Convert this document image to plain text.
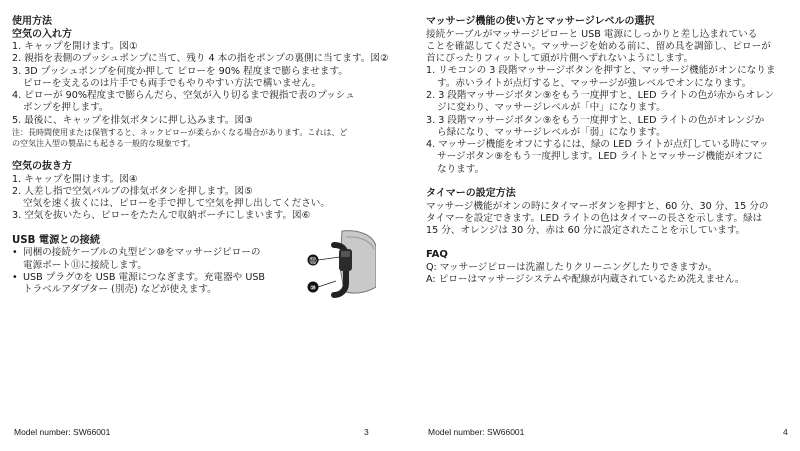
使用方法
空気の入れ方
1. キャップを開けます。図①
2. 親指を表側のプッシュポンプに当て、残り 4 本の指をポンプの裏側に当てます。図②
3. 3D プッシュポンプを何度か押して ピローを 90% 程度まで膨らませます。
ピローを支えるのは片手でも両手でもやりやすい方法で構いません。
4. ピローが 90%程度まで膨らんだら、空気が入り切るまで親指で表のプッシュ
ポンプを押します。
5. 最後に、キャップを排気ボタンに押し込みます。図③
注：長時間使用または保管すると、ネックピローが柔らかくなる場合があります。これは、ど
の空気注入型の製品にも起きる一般的な現象です。
空気の抜き方
1. キャップを開けます。図④
2. 人差し指で空気バルブの排気ボタンを押します。図⑤
空気を速く抜くには、ピローを手で押して空気を押し出してください。
3. 空気を抜いたら、ピローをたたんで収納ポーチにしまいます。図⑥
USB 電源との接続
• 同梱の接続ケーブルの丸型ピン⑩をマッサージピローの
電源ポート⑪に接続します。
• USB プラグ⑦を USB 電源につなぎます。充電器や USB
トラベルアダプター (別売) などが使えます。
⑪
⑩
Model number: SW66001	3
マッサージ機能の使い方とマッサージレベルの選択
接続ケーブルがマッサージピローと USB 電源にしっかりと差し込まれている
ことを確認してください。マッサージを始める前に、留め具を調節し、ピローが
首にぴったりフィットして頭が片側へずれないようにします。
1. リモコンの 3 段階マッサージボタンを押すと、マッサージ機能がオンになりま
す。赤いライトが点灯すると、マッサージが強レベルでオンになります。
2. 3 段階マッサージボタン⑨をもう一度押すと、LED ライトの色が赤からオレン
ジに変わり、マッサージレベルが「中」になります。
3. 3 段階マッサージボタン⑨をもう一度押すと、LED ライトの色がオレンジか
ら緑になり、マッサージレベルが「弱」になります。
4. マッサージ機能をオフにするには、緑の LED ライトが点灯している時にマッ
サージボタン⑨をもう一度押します。LED ライトとマッサージ機能がオフに
なります。
タイマーの設定方法
マッサージ機能がオンの時にタイマーボタンを押すと、60 分、30 分、15 分の
タイマーを設定できます。LED ライトの色はタイマーの長さを示します。緑は
15 分、オレンジは 30 分、赤は 60 分に設定されたことを示しています。
FAQ
Q: マッサージピローは洗濯したりクリーニングしたりできますか。
A: ピローはマッサージシステムや配線が内蔵されているため洗えません。
Model number: SW66001	4
